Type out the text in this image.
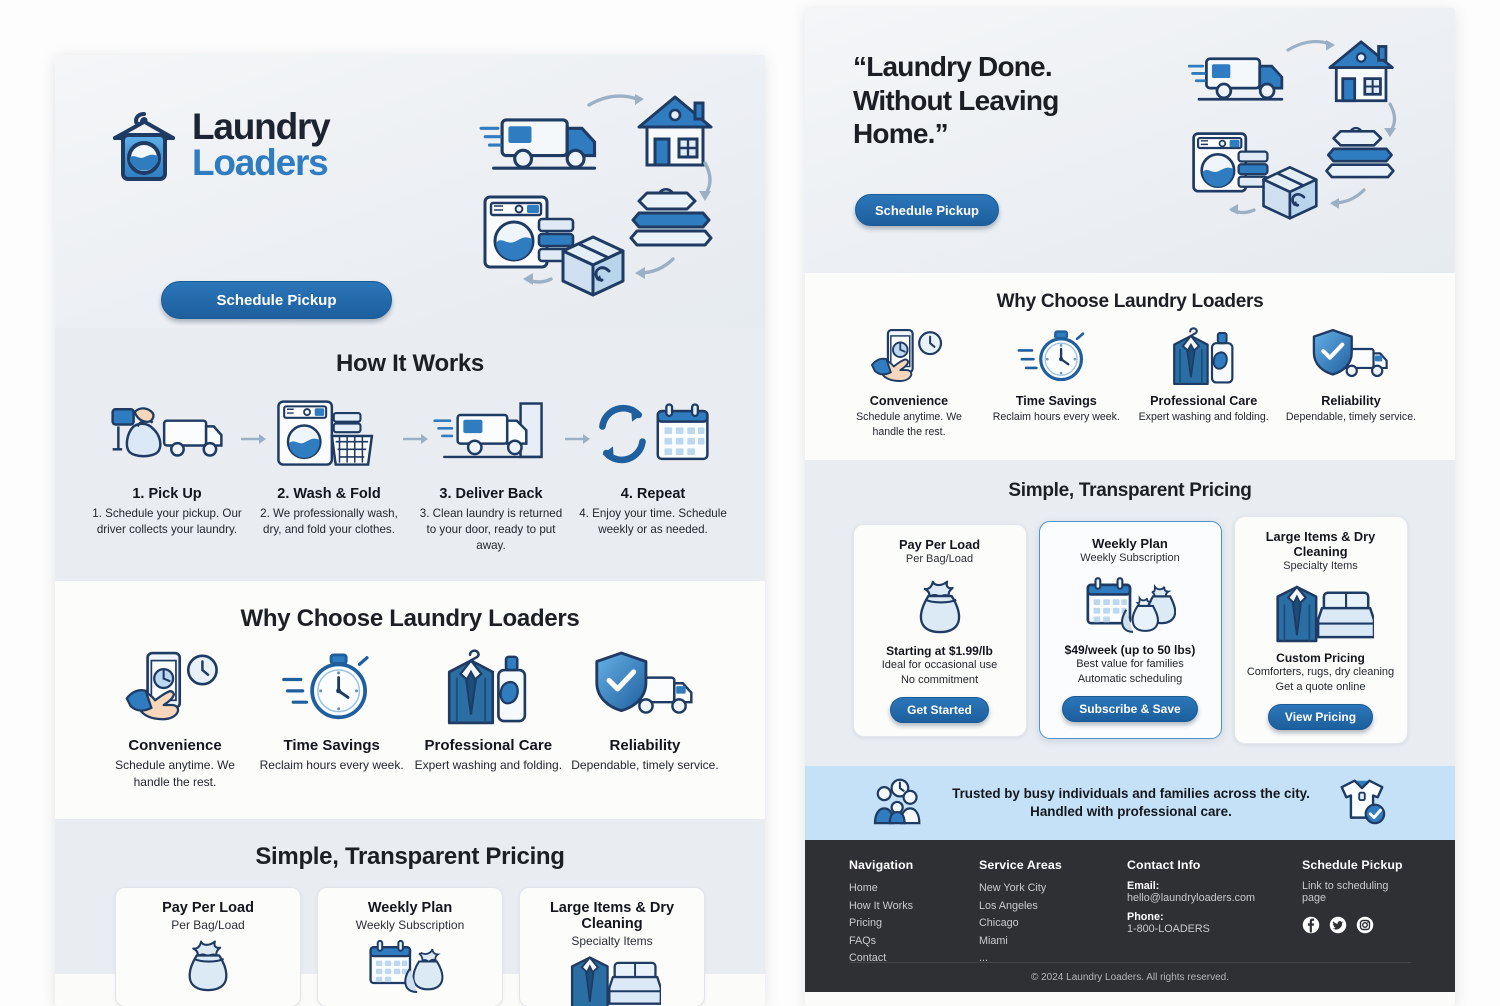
Laundry
Loaders
Schedule Pickup
How It Works
1. Pick Up
1. Schedule your pickup. Our driver collects your laundry.
2. Wash & Fold
2. We professionally wash, dry, and fold your clothes.
3. Deliver Back
3. Clean laundry is returned to your door, ready to put away.
4. Repeat
4. Enjoy your time. Schedule weekly or as needed.
Why Choose Laundry Loaders
Convenience
Schedule anytime. We handle the rest.
Time Savings
Reclaim hours every week.
Professional Care
Expert washing and folding.
Reliability
Dependable, timely service.
Simple, Transparent Pricing
Pay Per Load
Per Bag/Load
Weekly Plan
Weekly Subscription
Large Items & Dry Cleaning
Specialty Items
“Laundry Done. Without Leaving Home.”
Schedule Pickup
Why Choose Laundry Loaders
Convenience
Schedule anytime. We handle the rest.
Time Savings
Reclaim hours every week.
Professional Care
Expert washing and folding.
Reliability
Dependable, timely service.
Simple, Transparent Pricing
Pay Per Load
Per Bag/Load
Starting at $1.99/lb
Ideal for occasional use
No commitment
Get Started
Weekly Plan
Weekly Subscription
$49/week (up to 50 lbs)
Best value for families
Automatic scheduling
Subscribe & Save
Large Items & Dry Cleaning
Specialty Items
Custom Pricing
Comforters, rugs, dry cleaning
Get a quote online
View Pricing
Trusted by busy individuals and families across the city.
Handled with professional care.
Navigation
Home
How It Works
Pricing
FAQs
Contact
Service Areas
New York City
Los Angeles
Chicago
Miami
...
Contact Info
Email:
hello@laundryloaders.com
Phone:
1-800-LOADERS
Schedule Pickup
Link to scheduling page
© 2024 Laundry Loaders. All rights reserved.
